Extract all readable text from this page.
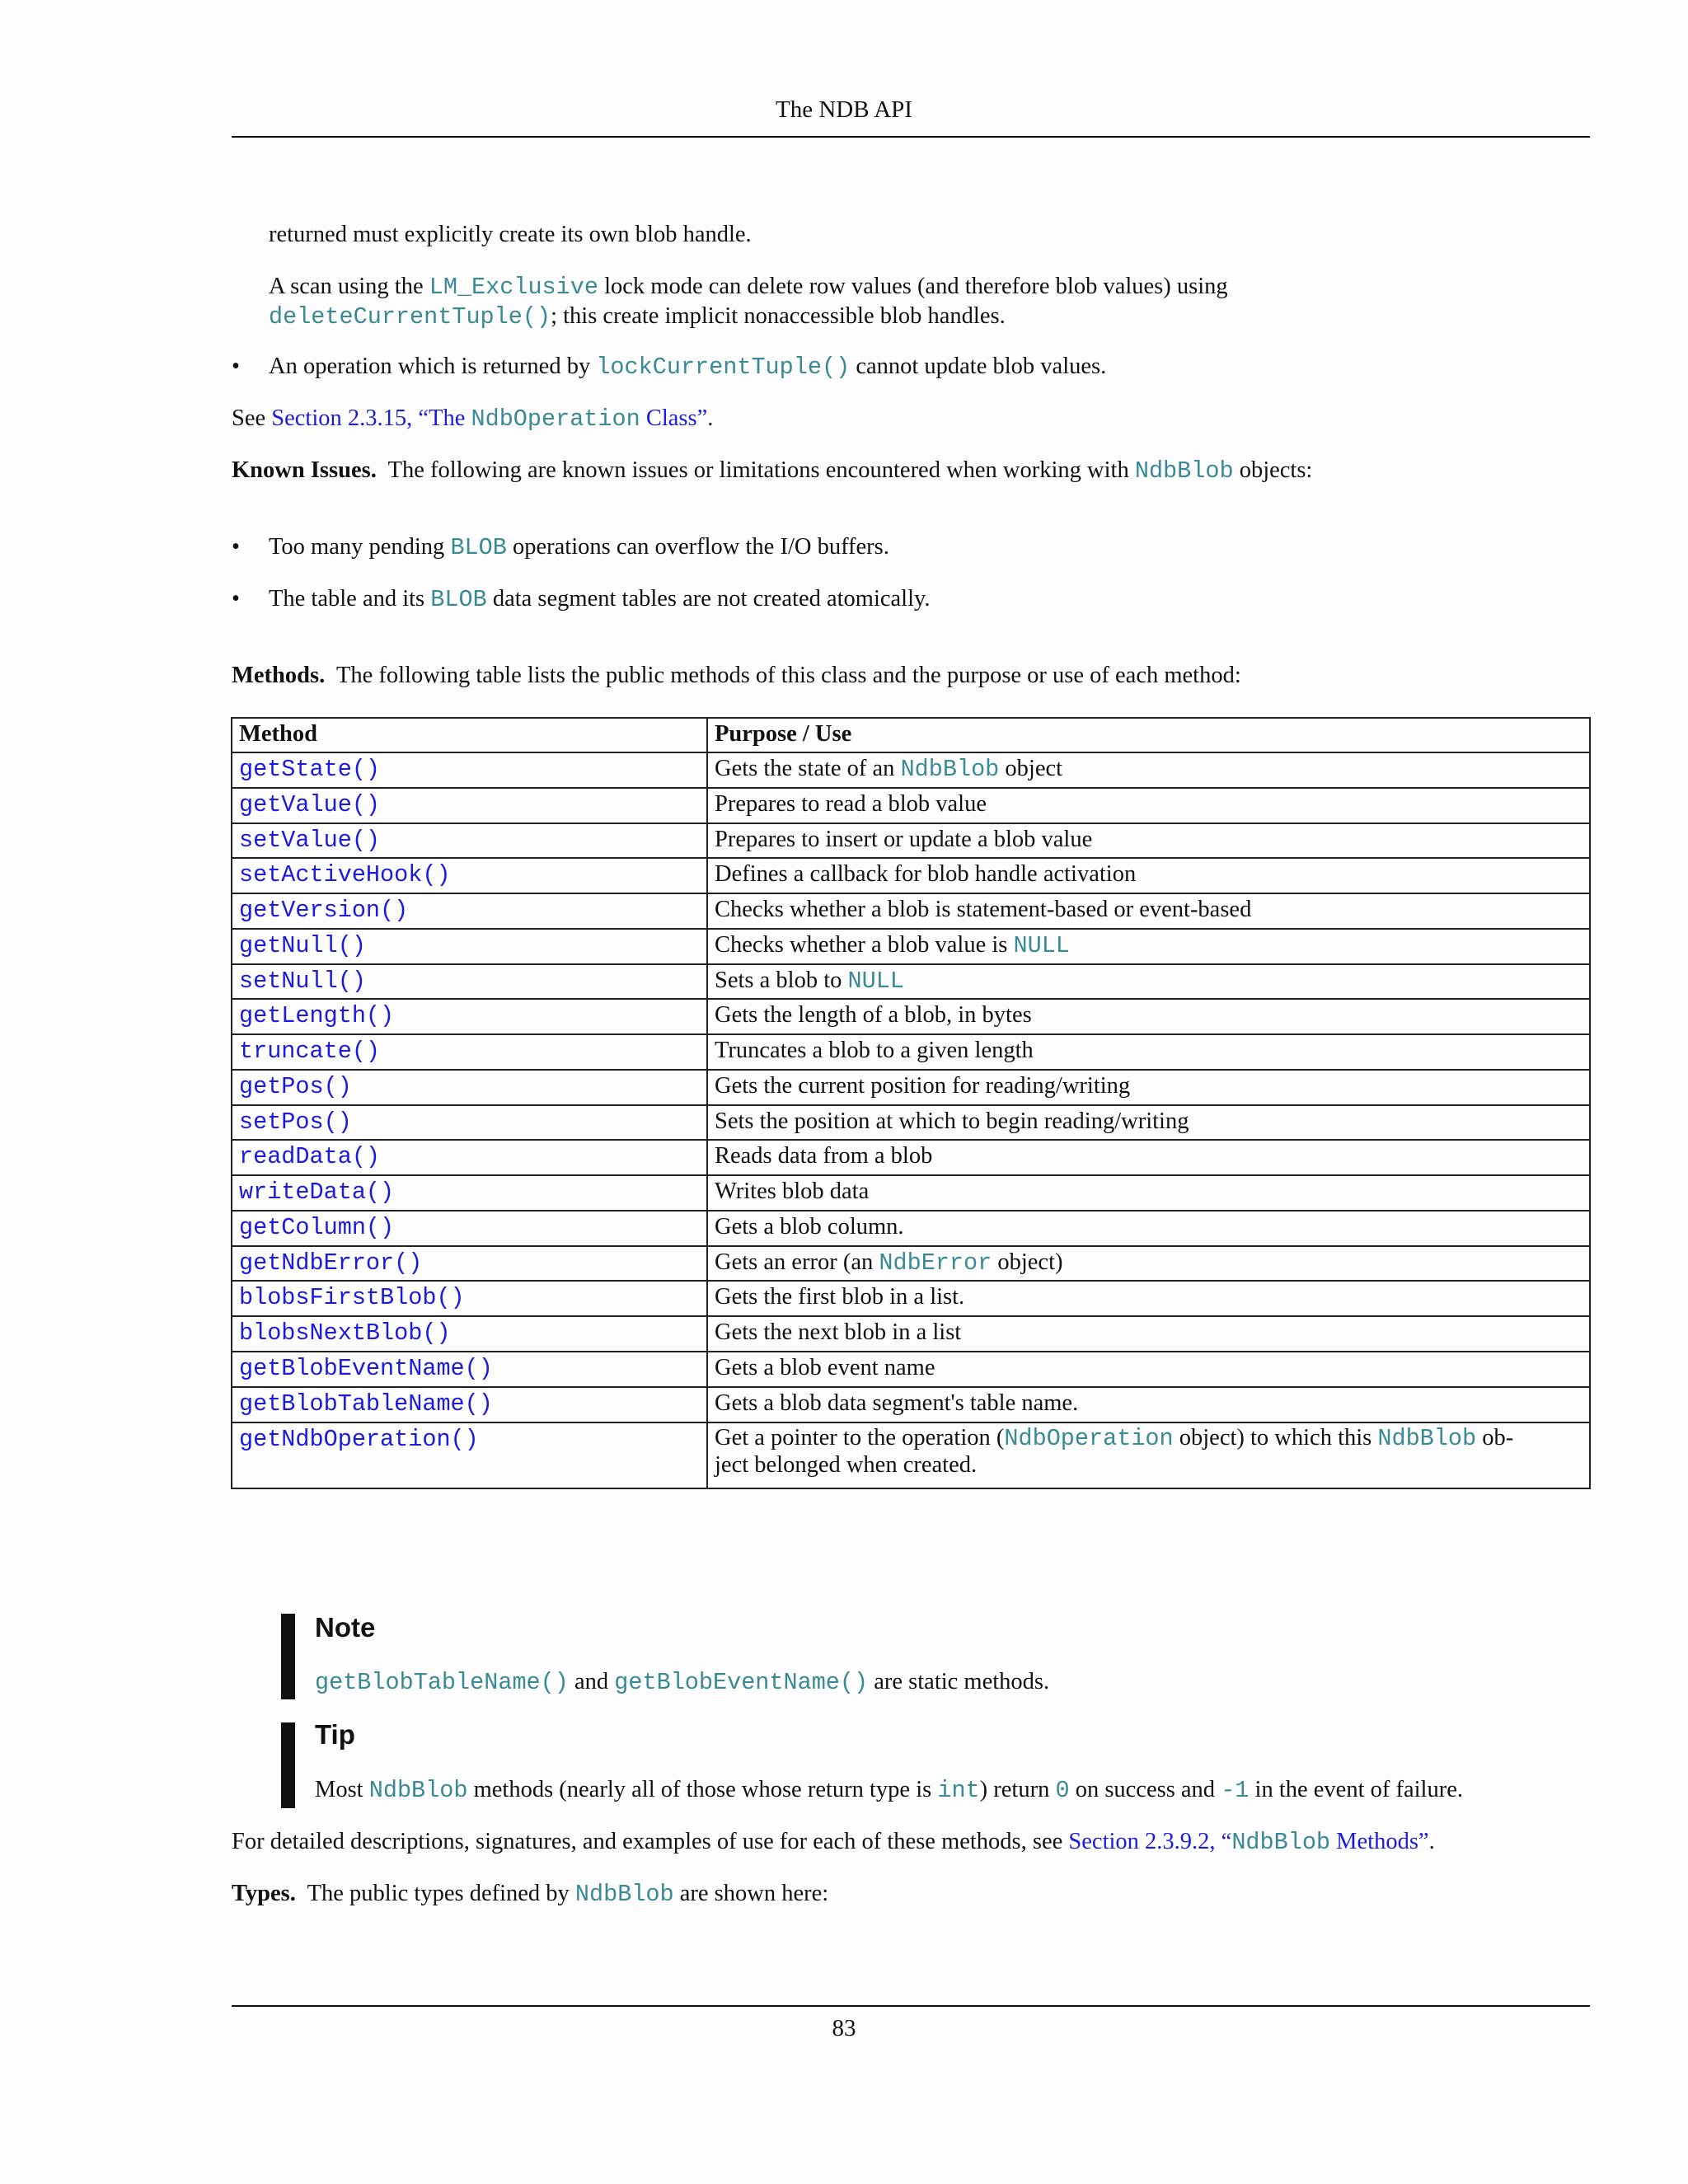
The NDB API

returned must explicitly create its own blob handle.

A scan using the LM_Exclusive lock mode can delete row values (and therefore blob values) using
deleteCurrentTuple(); this create implicit nonaccessible blob handles.

• An operation which is returned by lockCurrentTuple() cannot update blob values.

See Section 2.3.15, “The NdbOperation Class”.

Known Issues.  The following are known issues or limitations encountered when working with NdbBlob objects:

• Too many pending BLOB operations can overflow the I/O buffers.

• The table and its BLOB data segment tables are not created atomically.

Methods.  The following table lists the public methods of this class and the purpose or use of each method:

Method	Purpose / Use
getState()	Gets the state of an NdbBlob object
getValue()	Prepares to read a blob value
setValue()	Prepares to insert or update a blob value
setActiveHook()	Defines a callback for blob handle activation
getVersion()	Checks whether a blob is statement-based or event-based
getNull()	Checks whether a blob value is NULL
setNull()	Sets a blob to NULL
getLength()	Gets the length of a blob, in bytes
truncate()	Truncates a blob to a given length
getPos()	Gets the current position for reading/writing
setPos()	Sets the position at which to begin reading/writing
readData()	Reads data from a blob
writeData()	Writes blob data
getColumn()	Gets a blob column.
getNdbError()	Gets an error (an NdbError object)
blobsFirstBlob()	Gets the first blob in a list.
blobsNextBlob()	Gets the next blob in a list
getBlobEventName()	Gets a blob event name
getBlobTableName()	Gets a blob data segment's table name.
getNdbOperation()	Get a pointer to the operation (NdbOperation object) to which this NdbBlob ob-
ject belonged when created.
Note

getBlobTableName() and getBlobEventName() are static methods.

Tip

Most NdbBlob methods (nearly all of those whose return type is int) return 0 on success and -1 in the event of failure.

For detailed descriptions, signatures, and examples of use for each of these methods, see Section 2.3.9.2, “NdbBlob Methods”.

Types.  The public types defined by NdbBlob are shown here:

83
